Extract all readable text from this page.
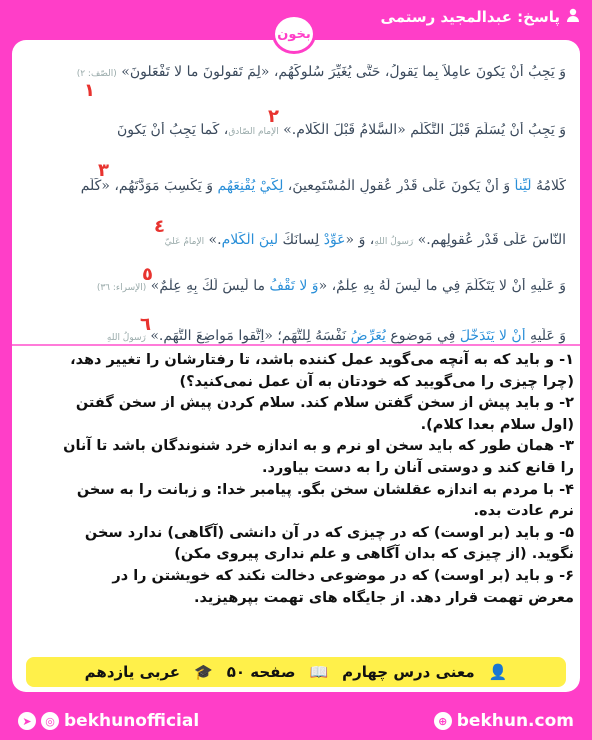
پاسخ: عبدالمجید رستمی
بخون
وَ يَجِبُ أَنْ يَكونَ عامِلاً بِما يَقولُ، حَتَّى يُغَيِّرَ سُلوكَهُم، «لِمَ تَقولونَ ما لا تَفْعَلونَ» (الصّف: ٢)
١
وَ يَجِبُ أَنْ يُسَلِّمَ قَبْلَ التَّكَلُّمِ «السَّلامُ قَبْلَ الْكَلامِ.» الإمام الصّادق، كَما يَجِبُ أَنْ يَكونَ
٢
كَلامُهُ لَيِّناً وَ أَنْ يَكونَ عَلَى قَدْرِ عُقولِ الْمُسْتَمِعينَ، لِكَيْ يُقْنِعَهُم وَ يَكْسِبَ مَوَدَّتَهُم، «كَلِّمِ
٣
النّاسَ عَلَى قَدْرِ عُقولِهِم.» رَسولُ اللهِ، وَ «عَوِّدْ لِسانَكَ لينَ الْكَلامِ.» الإمامُ عَليّ
٤
وَ عَلَيهِ أَنْ لا يَتَكَلَّمَ فِي ما لَيسَ لَهُ بِهِ عِلْمٌ، «وَ لا تَقْفُ ما لَيسَ لَكَ بِهِ عِلْمٌ» (الإسراء: ٣٦)
٥
وَ عَلَيهِ أَنْ لا يَتَدَخَّلَ فِي مَوضوعٍ يُعَرِّضُ نَفْسَهُ لِلتُّهَمِ؛ «اِتَّقوا مَواضِعَ التُّهَمِ.» رَسولُ اللهِ
٦
۱- و باید که به آنچه می‌گوید عمل کننده باشد، تا رفتارشان را تغییر دهد،
(چرا چیزی را می‌گویید که خودتان به آن عمل نمی‌کنید؟)
۲- و باید پیش از سخن گفتن سلام کند. سلام کردن پیش از سخن گفتن
(اول سلام بعدا کلام).
۳- همان طور که باید سخن او نرم و به اندازه خرد شنوندگان باشد تا آنان
را قانع کند و دوستی آنان را به دست بیاورد.
۴- با مردم به اندازه عقلشان سخن بگو. پیامبر خدا: و زبانت را به سخن
نرم عادت بده.
۵- و باید (بر اوست) که در چیزی که در آن دانشی (آگاهی) ندارد سخن
نگوید. (از چیزی که بدان آگاهی و علم نداری پیروی مکن)
۶- و باید (بر اوست) که در موضوعی دخالت نکند که خویشتن را در
معرض تهمت قرار دهد. از جایگاه های تهمت بپرهیزید.
👤
معنی درس چهارم
📖
صفحه ۵۰
🎓
عربی یازدهم
➤	◎ bekhunofficial	⊕ bekhun.com
